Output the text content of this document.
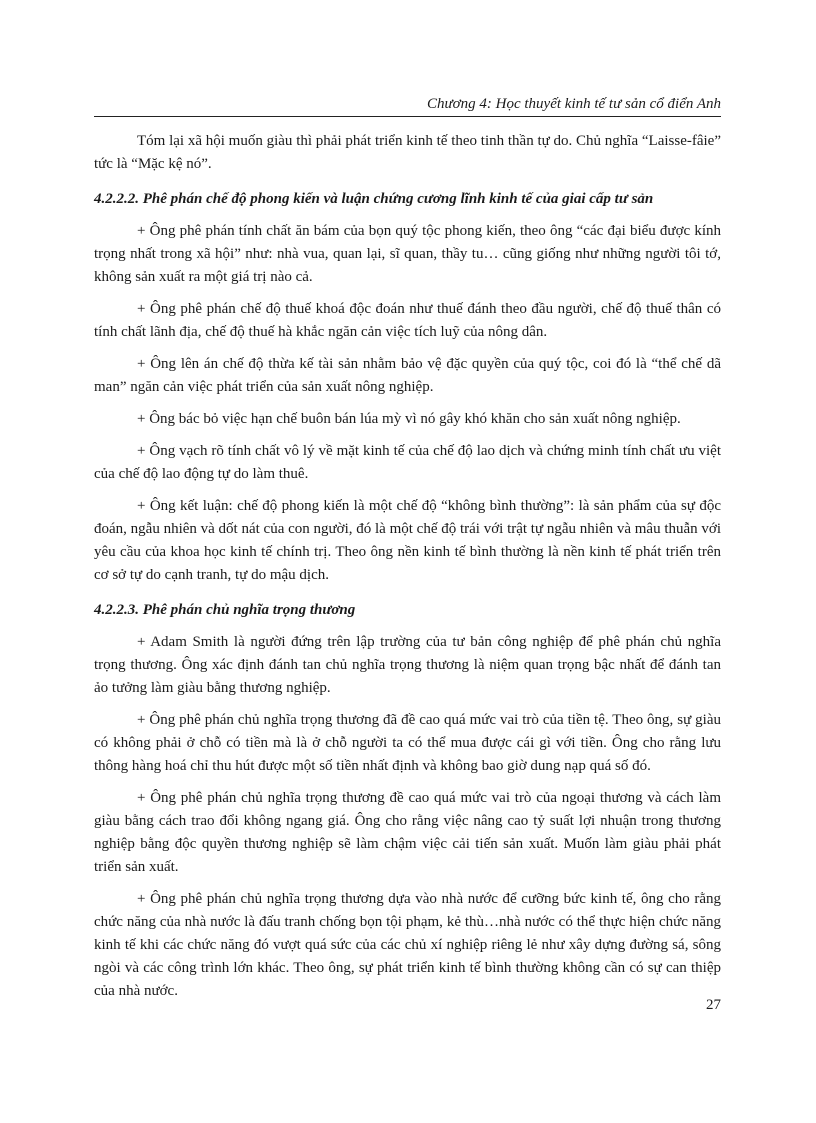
Chương 4: Học thuyết kinh tế tư sản cổ điển Anh

Tóm lại xã hội muốn giàu thì phải phát triển kinh tế theo tinh thần tự do. Chủ nghĩa “Laisse-fâie” tức là “Mặc kệ nó”.

4.2.2.2. Phê phán chế độ phong kiến và luận chứng cương lĩnh kinh tế của giai cấp tư sản

+ Ông phê phán tính chất ăn bám của bọn quý tộc phong kiến, theo ông “các đại biểu được kính trọng nhất trong xã hội” như: nhà vua, quan lại, sĩ quan, thầy tu… cũng giống như những người tôi tớ, không sản xuất ra một giá trị nào cả.

+ Ông phê phán chế độ thuế khoá độc đoán như thuế đánh theo đầu người, chế độ thuế thân có tính chất lãnh địa, chế độ thuế hà khắc ngăn cản việc tích luỹ của nông dân.

+ Ông lên án chế độ thừa kế tài sản nhằm bảo vệ đặc quyền của quý tộc, coi đó là “thể chế dã man” ngăn cản việc phát triển của sản xuất nông nghiệp.

+ Ông bác bỏ việc hạn chế buôn bán lúa mỳ vì nó gây khó khăn cho sản xuất nông nghiệp.

+ Ông vạch rõ tính chất vô lý về mặt kinh tế của chế độ lao dịch và chứng minh tính chất ưu việt của chế độ lao động tự do làm thuê.

+ Ông kết luận: chế độ phong kiến là một chế độ “không bình thường”: là sản phẩm của sự độc đoán, ngẫu nhiên và dốt nát của con người, đó là một chế độ trái với trật tự ngẫu nhiên và mâu thuẫn với yêu cầu của khoa học kinh tế chính trị. Theo ông nền kinh tế bình thường là nền kinh tế phát triển trên cơ sở tự do cạnh tranh, tự do mậu dịch.

4.2.2.3. Phê phán chủ nghĩa trọng thương

+ Adam Smith là người đứng trên lập trường của tư bản công nghiệp để phê phán chủ nghĩa trọng thương. Ông xác định đánh tan chủ nghĩa trọng thương là niệm quan trọng bậc nhất để đánh tan ảo tưởng làm giàu bằng thương nghiệp.

+ Ông phê phán chủ nghĩa trọng thương đã đề cao quá mức vai trò của tiền tệ. Theo ông, sự giàu có không phải ở chỗ có tiền mà là ở chỗ người ta có thể mua được cái gì với tiền. Ông cho rằng lưu thông hàng hoá chỉ thu hút được một số tiền nhất định và không bao giờ dung nạp quá số đó.

+ Ông phê phán chủ nghĩa trọng thương đề cao quá mức vai trò của ngoại thương và cách làm giàu bằng cách trao đổi không ngang giá. Ông cho rằng việc nâng cao tỷ suất lợi nhuận trong thương nghiệp bằng độc quyền thương nghiệp sẽ làm chậm việc cải tiến sản xuất. Muốn làm giàu phải phát triển sản xuất.

+ Ông phê phán chủ nghĩa trọng thương dựa vào nhà nước để cưỡng bức kinh tế, ông cho rằng chức năng của nhà nước là đấu tranh chống bọn tội phạm, kẻ thù…nhà nước có thể thực hiện chức năng kinh tế khi các chức năng đó vượt quá sức của các chủ xí nghiệp riêng lẻ như xây dựng đường sá, sông ngòi và các công trình lớn khác. Theo ông, sự phát triển kinh tế bình thường không cần có sự can thiệp của nhà nước.

27
